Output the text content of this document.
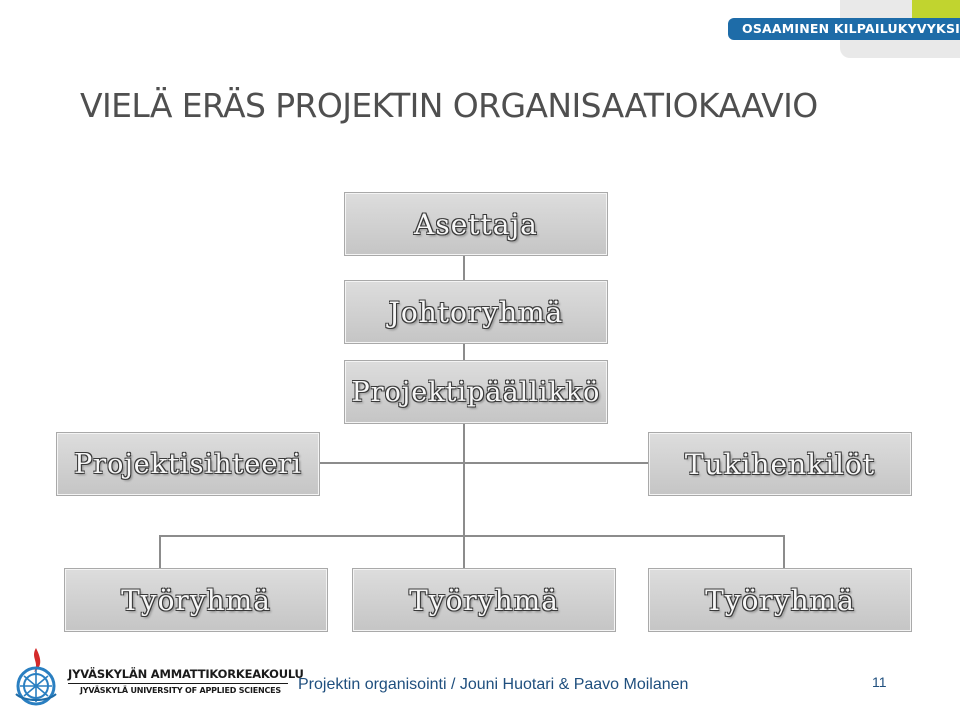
OSAAMINEN KILPAILUKYVYKSI
VIELÄ ERÄS PROJEKTIN ORGANISAATIOKAAVIO
Asettaja
Johtoryhmä
Projektipäällikkö
Projektisihteeri	Tukihenkilöt
Työryhmä	Työryhmä	Työryhmä
JYVÄSKYLÄN AMMATTIKORKEAKOULU
JYVÄSKYLÄ UNIVERSITY OF APPLIED SCIENCES Projektin organisointi / Jouni Huotari & Paavo Moilanen	11
